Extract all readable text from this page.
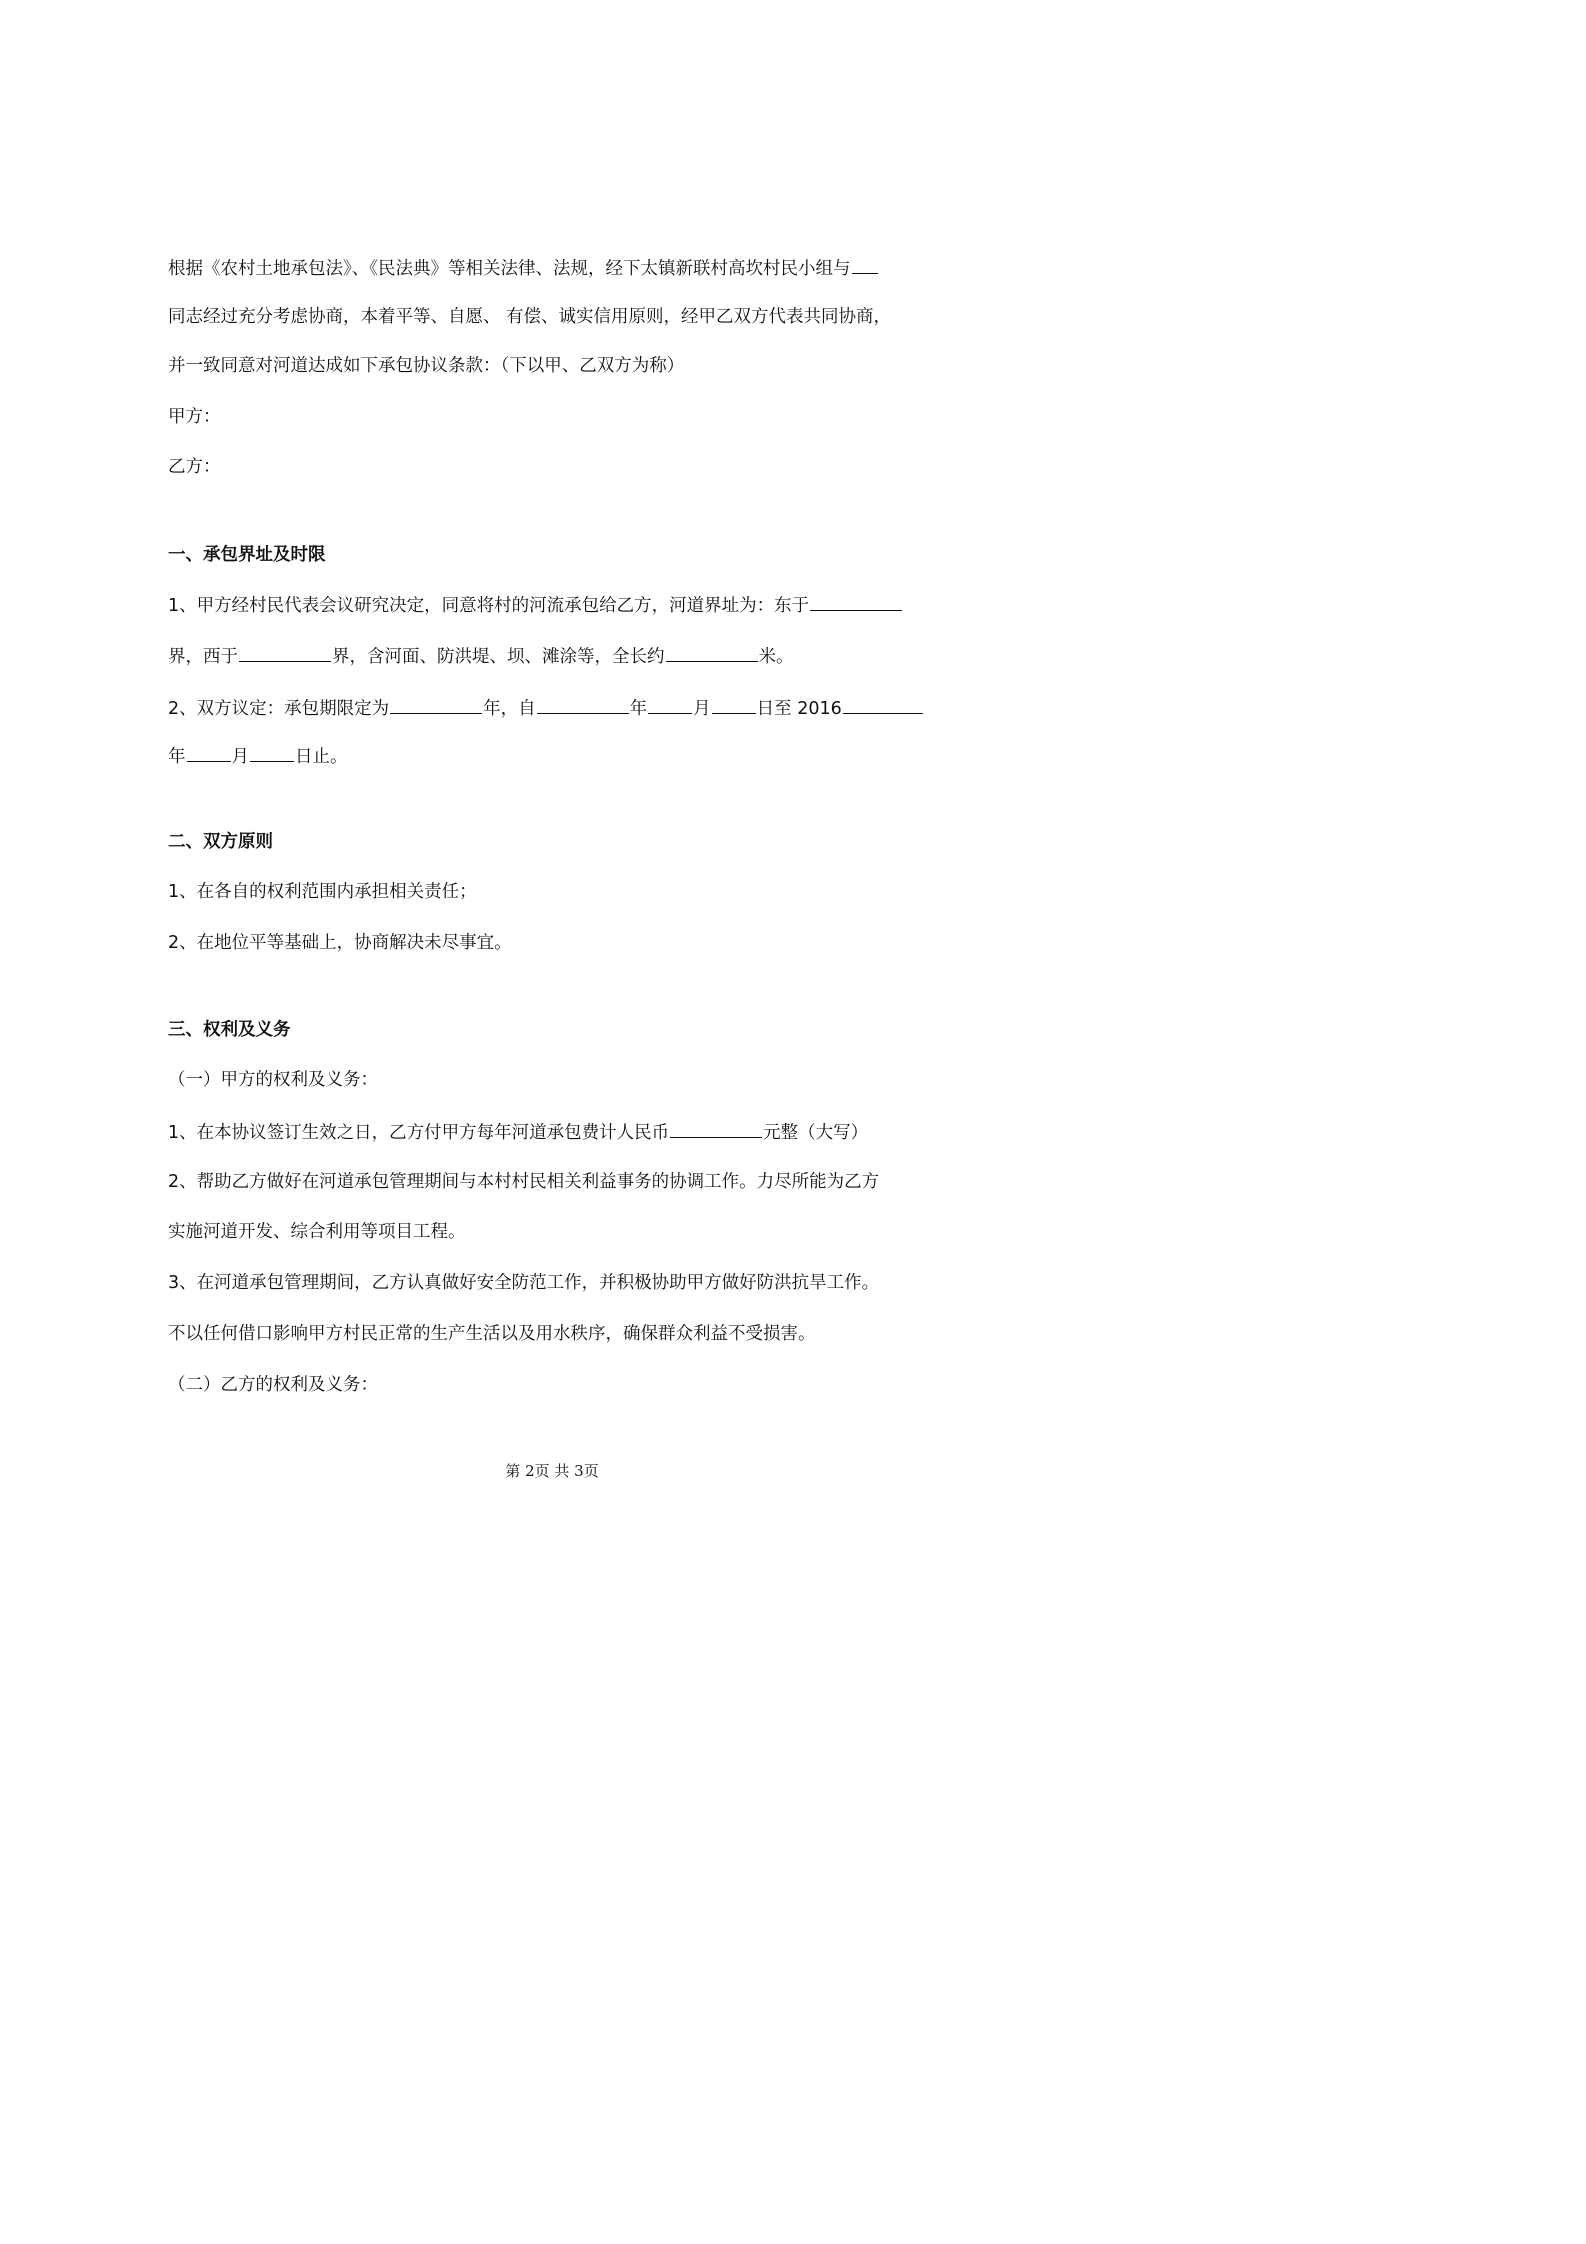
根据《农村土地承包法》、《民法典》等相关法律、法规，经下太镇新联村高坎村民小组与
同志经过充分考虑协商，本着平等、自愿、 有偿、诚实信用原则，经甲乙双方代表共同协商，
并一致同意对河道达成如下承包协议条款：（下以甲、乙双方为称）
甲方：
乙方：
一、承包界址及时限
1、甲方经村民代表会议研究决定，同意将村的河流承包给乙方，河道界址为：东于
界，西于	界，含河面、防洪堤、坝、滩涂等，全长约	米。
2、双方议定：承包期限定为	年，自	年	月	日至 2016
年	月	日止。
二、双方原则
1、在各自的权利范围内承担相关责任；
2、在地位平等基础上，协商解决未尽事宜。
三、权利及义务
（一）甲方的权利及义务：
1、在本协议签订生效之日，乙方付甲方每年河道承包费计人民币	元整（大写）
2、帮助乙方做好在河道承包管理期间与本村村民相关利益事务的协调工作。力尽所能为乙方
实施河道开发、综合利用等项目工程。
3、在河道承包管理期间，乙方认真做好安全防范工作，并积极协助甲方做好防洪抗旱工作。
不以任何借口影响甲方村民正常的生产生活以及用水秩序，确保群众利益不受损害。
（二）乙方的权利及义务：
第 2页 共 3页
